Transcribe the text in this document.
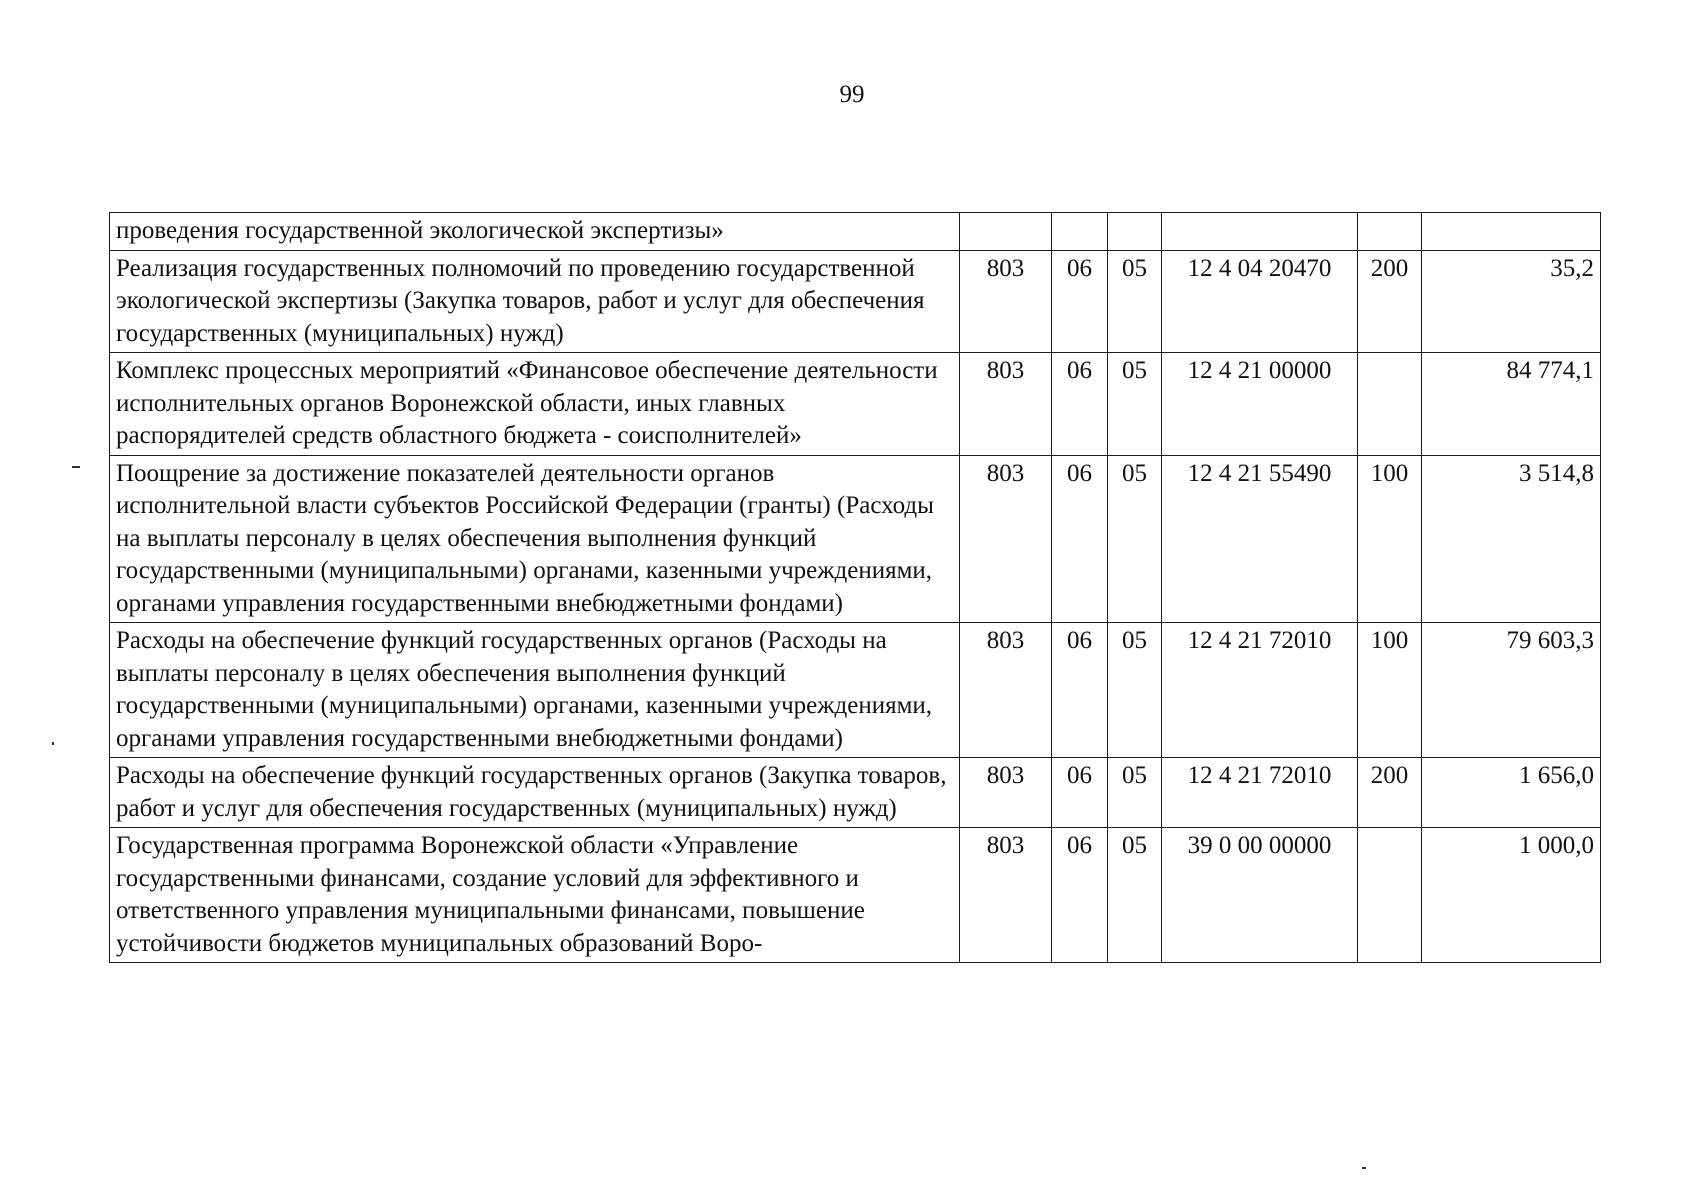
99
проведения государственной экологической экспертизы»						
Реализация государственных полномочий по проведению государственной экологической экспертизы (Закупка товаров, работ и услуг для обеспечения государственных (муниципальных) нужд)	803	06	05	12 4 04 20470	200	35,2
Комплекс процессных мероприятий «Финансовое обеспечение деятельности исполнительных органов Воронежской области, иных главных распорядителей средств областного бюджета - соисполнителей»	803	06	05	12 4 21 00000		84 774,1
Поощрение за достижение показателей деятельности органов исполнительной власти субъектов Российской Федерации (гранты) (Расходы на выплаты персоналу в целях обеспечения выполнения функций государственными (муниципальными) органами, казенными учреждениями, органами управления государственными внебюджетными фондами)	803	06	05	12 4 21 55490	100	3 514,8
Расходы на обеспечение функций государственных органов (Расходы на выплаты персоналу в целях обеспечения выполнения функций государственными (муниципальными) органами, казенными учреждениями, органами управления государственными внебюджетными фондами)	803	06	05	12 4 21 72010	100	79 603,3
Расходы на обеспечение функций государственных органов (Закупка товаров, работ и услуг для обеспечения государственных (муниципальных) нужд)	803	06	05	12 4 21 72010	200	1 656,0
Государственная программа Воронежской области «Управление государственными финансами, создание условий для эффективного и ответственного управления муниципальными финансами, повышение устойчивости бюджетов муниципальных образований Воро-	803	06	05	39 0 00 00000		1 000,0
